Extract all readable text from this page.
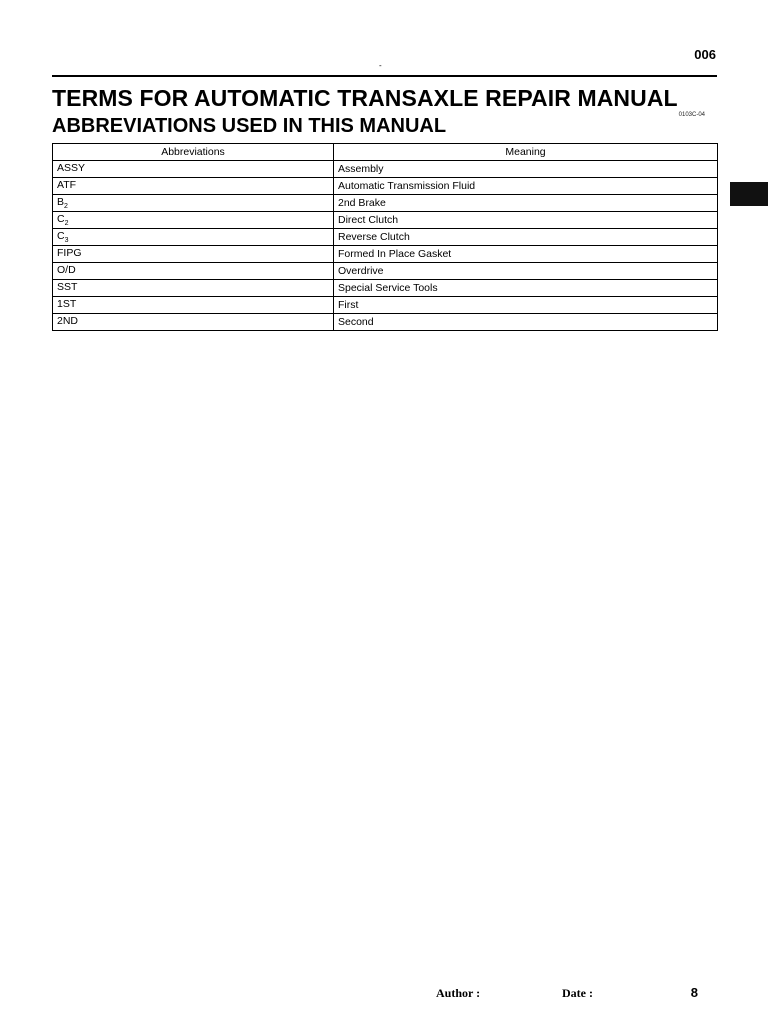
006
-
TERMS FOR AUTOMATIC TRANSAXLE REPAIR MANUAL
ABBREVIATIONS USED IN THIS MANUAL	0103C-04
Abbreviations	Meaning
ASSY	Assembly
ATF	Automatic Transmission Fluid
$B_2$	2nd Brake
$C_2$	Direct Clutch
$C_3$	Reverse Clutch
FIPG	Formed In Place Gasket
O/D	Overdrive
SST	Special Service Tools
1ST	First
2ND	Second
Author :	Date :	8
